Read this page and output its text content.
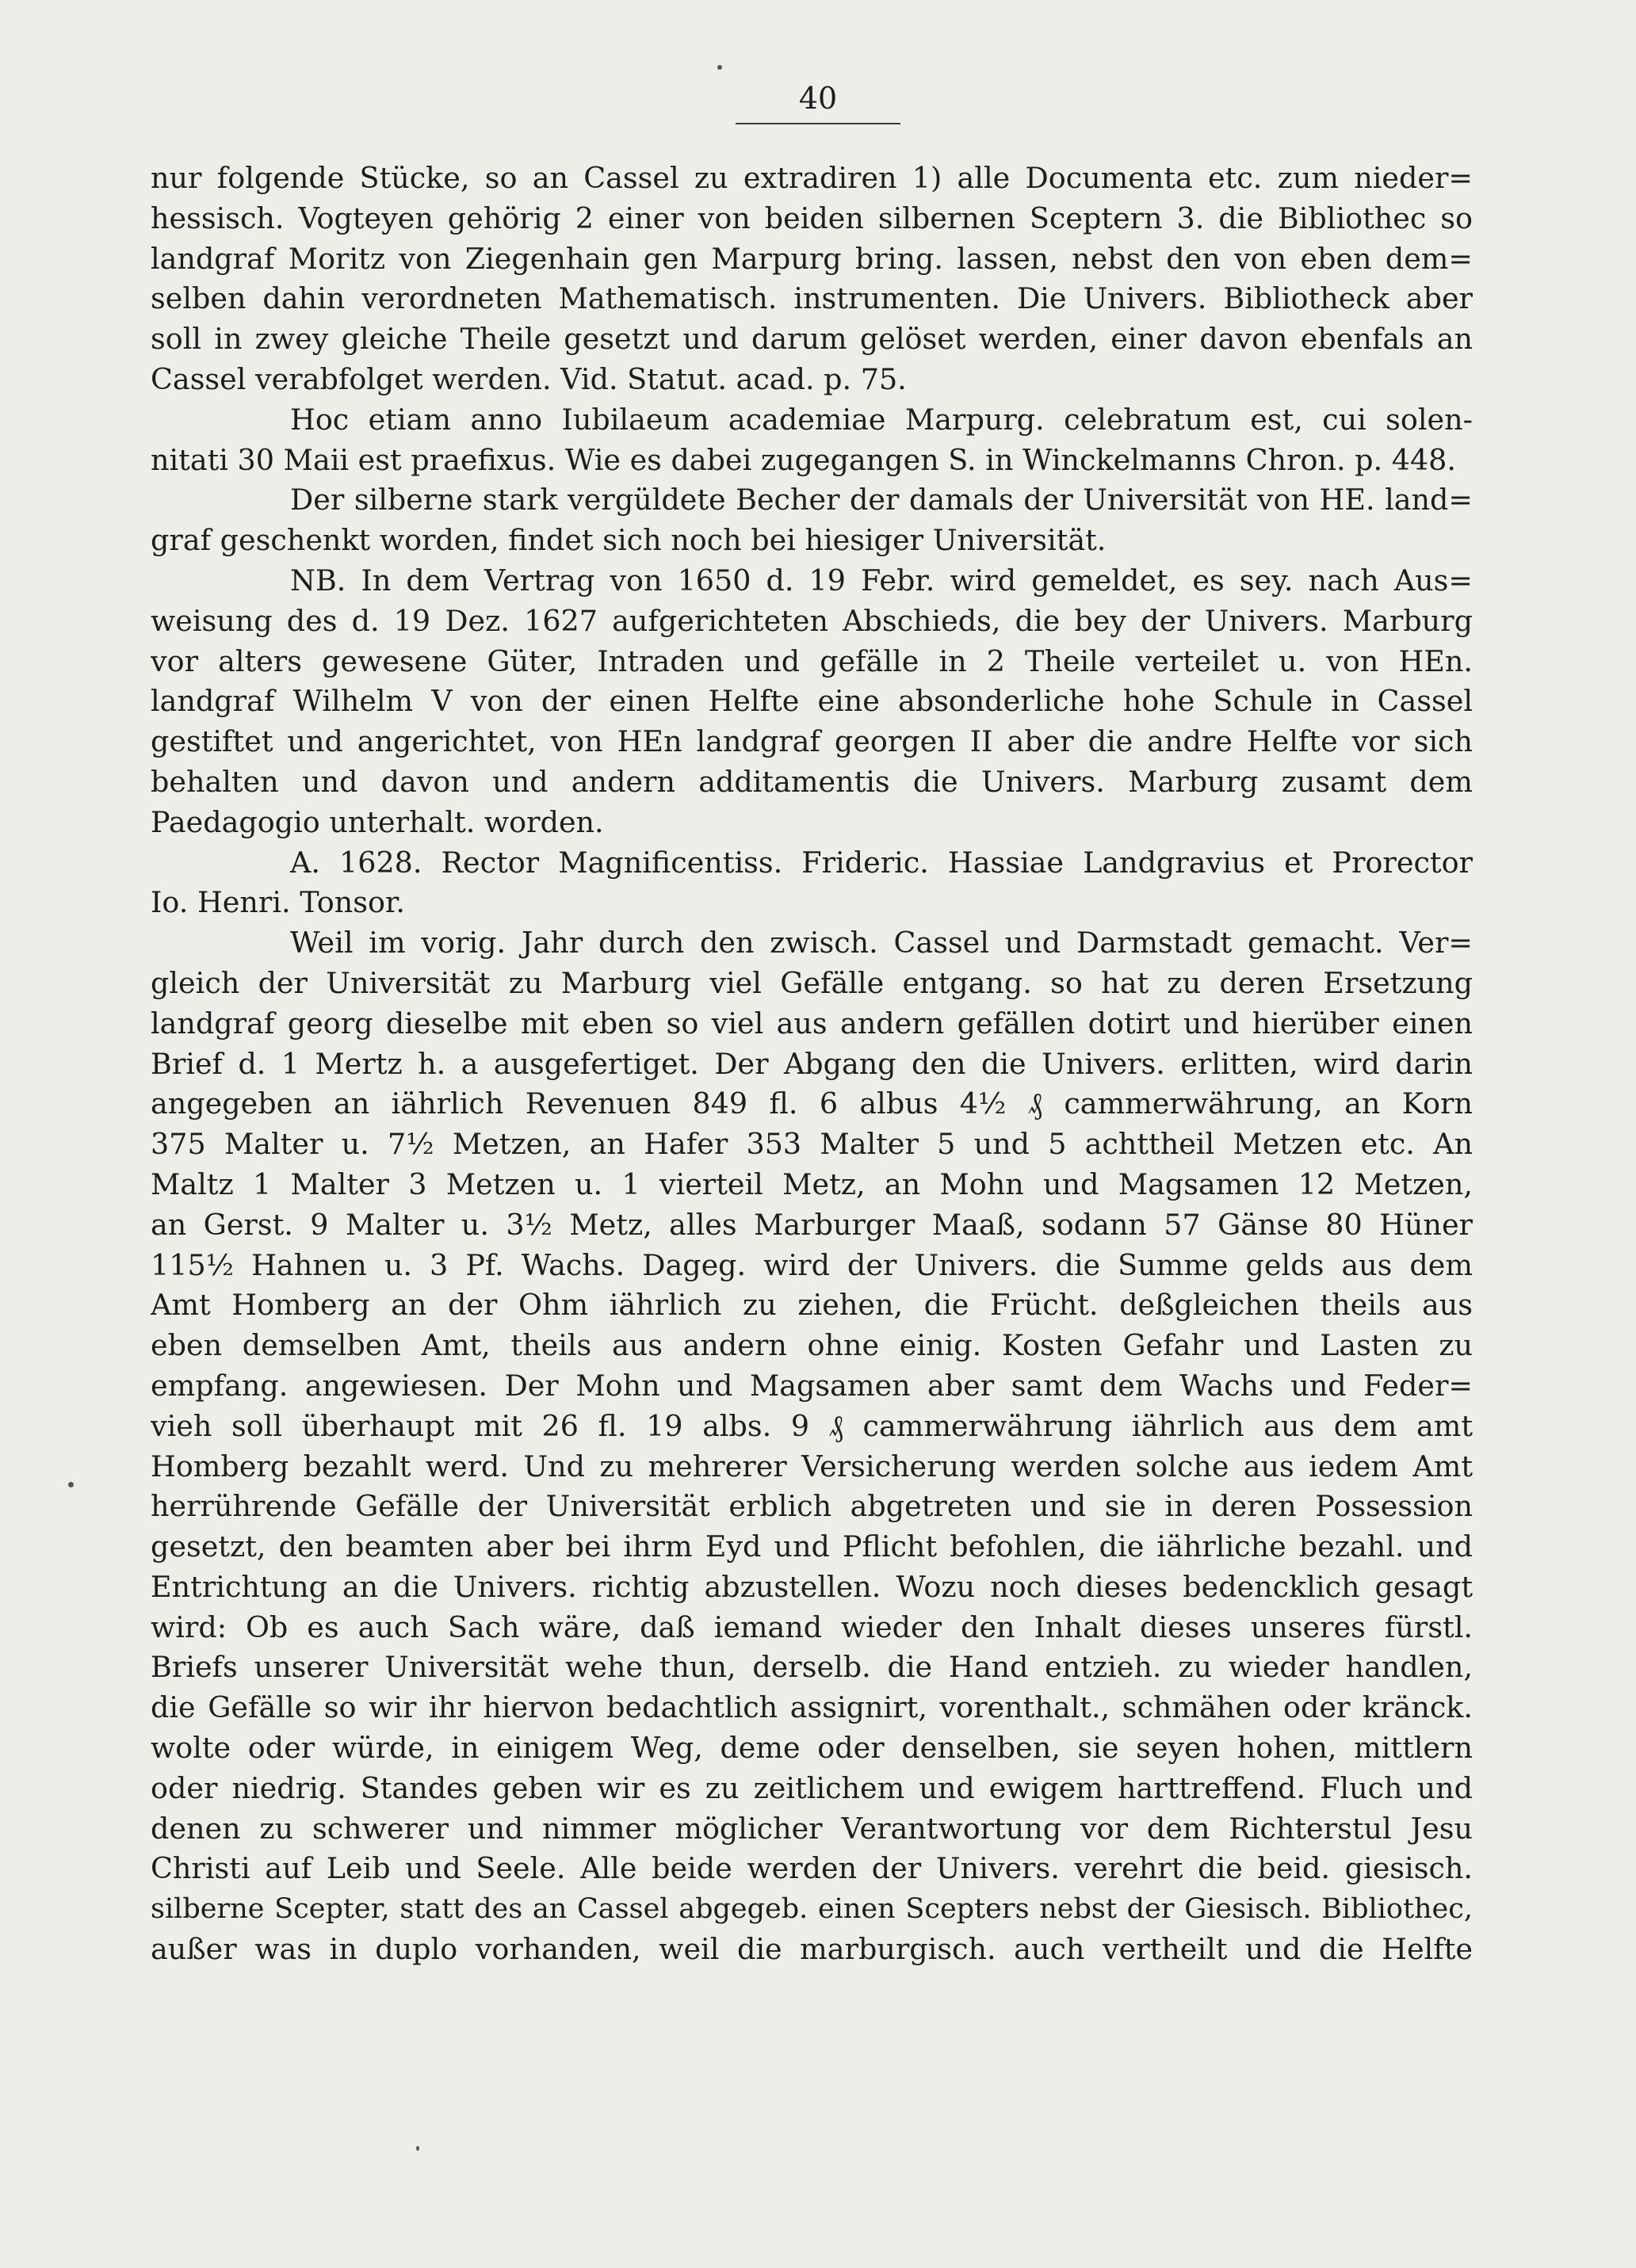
40
nur folgende Stücke, so an Cassel zu extradiren 1) alle Documenta etc. zum nieder=
hessisch. Vogteyen gehörig 2 einer von beiden silbernen Sceptern 3. die Bibliothec so
landgraf Moritz von Ziegenhain gen Marpurg bring. lassen, nebst den von eben dem=
selben dahin verordneten Mathematisch. instrumenten. Die Univers. Bibliotheck aber
soll in zwey gleiche Theile gesetzt und darum gelöset werden, einer davon ebenfals an
Cassel verabfolget werden. Vid. Statut. acad. p. 75.
Hoc etiam anno Iubilaeum academiae Marpurg. celebratum est, cui solen-
nitati 30 Maii est praefixus. Wie es dabei zugegangen S. in Winckelmanns Chron. p. 448.
Der silberne stark vergüldete Becher der damals der Universität von HE. land=
graf geschenkt worden, findet sich noch bei hiesiger Universität.
NB. In dem Vertrag von 1650 d. 19 Febr. wird gemeldet, es sey. nach Aus=
weisung des d. 19 Dez. 1627 aufgerichteten Abschieds, die bey der Univers. Marburg
vor alters gewesene Güter, Intraden und gefälle in 2 Theile verteilet u. von HEn.
landgraf Wilhelm V von der einen Helfte eine absonderliche hohe Schule in Cassel
gestiftet und angerichtet, von HEn landgraf georgen II aber die andre Helfte vor sich
behalten und davon und andern additamentis die Univers. Marburg zusamt dem
Paedagogio unterhalt. worden.
A. 1628. Rector Magnificentiss. Frideric. Hassiae Landgravius et Prorector
Io. Henri. Tonsor.
Weil im vorig. Jahr durch den zwisch. Cassel und Darmstadt gemacht. Ver=
gleich der Universität zu Marburg viel Gefälle entgang. so hat zu deren Ersetzung
landgraf georg dieselbe mit eben so viel aus andern gefällen dotirt und hierüber einen
Brief d. 1 Mertz h. a ausgefertiget. Der Abgang den die Univers. erlitten, wird darin
angegeben an iährlich Revenuen 849 fl. 6 albus 4½ ₰ cammerwährung, an Korn
375 Malter u. 7½ Metzen, an Hafer 353 Malter 5 und 5 achttheil Metzen etc. An
Maltz 1 Malter 3 Metzen u. 1 vierteil Metz, an Mohn und Magsamen 12 Metzen,
an Gerst. 9 Malter u. 3½ Metz, alles Marburger Maaß, sodann 57 Gänse 80 Hüner
115½ Hahnen u. 3 Pf. Wachs. Dageg. wird der Univers. die Summe gelds aus dem
Amt Homberg an der Ohm iährlich zu ziehen, die Frücht. deßgleichen theils aus
eben demselben Amt, theils aus andern ohne einig. Kosten Gefahr und Lasten zu
empfang. angewiesen. Der Mohn und Magsamen aber samt dem Wachs und Feder=
vieh soll überhaupt mit 26 fl. 19 albs. 9 ₰ cammerwährung iährlich aus dem amt
Homberg bezahlt werd. Und zu mehrerer Versicherung werden solche aus iedem Amt
herrührende Gefälle der Universität erblich abgetreten und sie in deren Possession
gesetzt, den beamten aber bei ihrm Eyd und Pflicht befohlen, die iährliche bezahl. und
Entrichtung an die Univers. richtig abzustellen. Wozu noch dieses bedencklich gesagt
wird: Ob es auch Sach wäre, daß iemand wieder den Inhalt dieses unseres fürstl.
Briefs unserer Universität wehe thun, derselb. die Hand entzieh. zu wieder handlen,
die Gefälle so wir ihr hiervon bedachtlich assignirt, vorenthalt., schmähen oder kränck.
wolte oder würde, in einigem Weg, deme oder denselben, sie seyen hohen, mittlern
oder niedrig. Standes geben wir es zu zeitlichem und ewigem harttreffend. Fluch und
denen zu schwerer und nimmer möglicher Verantwortung vor dem Richterstul Jesu
Christi auf Leib und Seele. Alle beide werden der Univers. verehrt die beid. giesisch.
silberne Scepter, statt des an Cassel abgegeb. einen Scepters nebst der Giesisch. Bibliothec,
außer was in duplo vorhanden, weil die marburgisch. auch vertheilt und die Helfte
